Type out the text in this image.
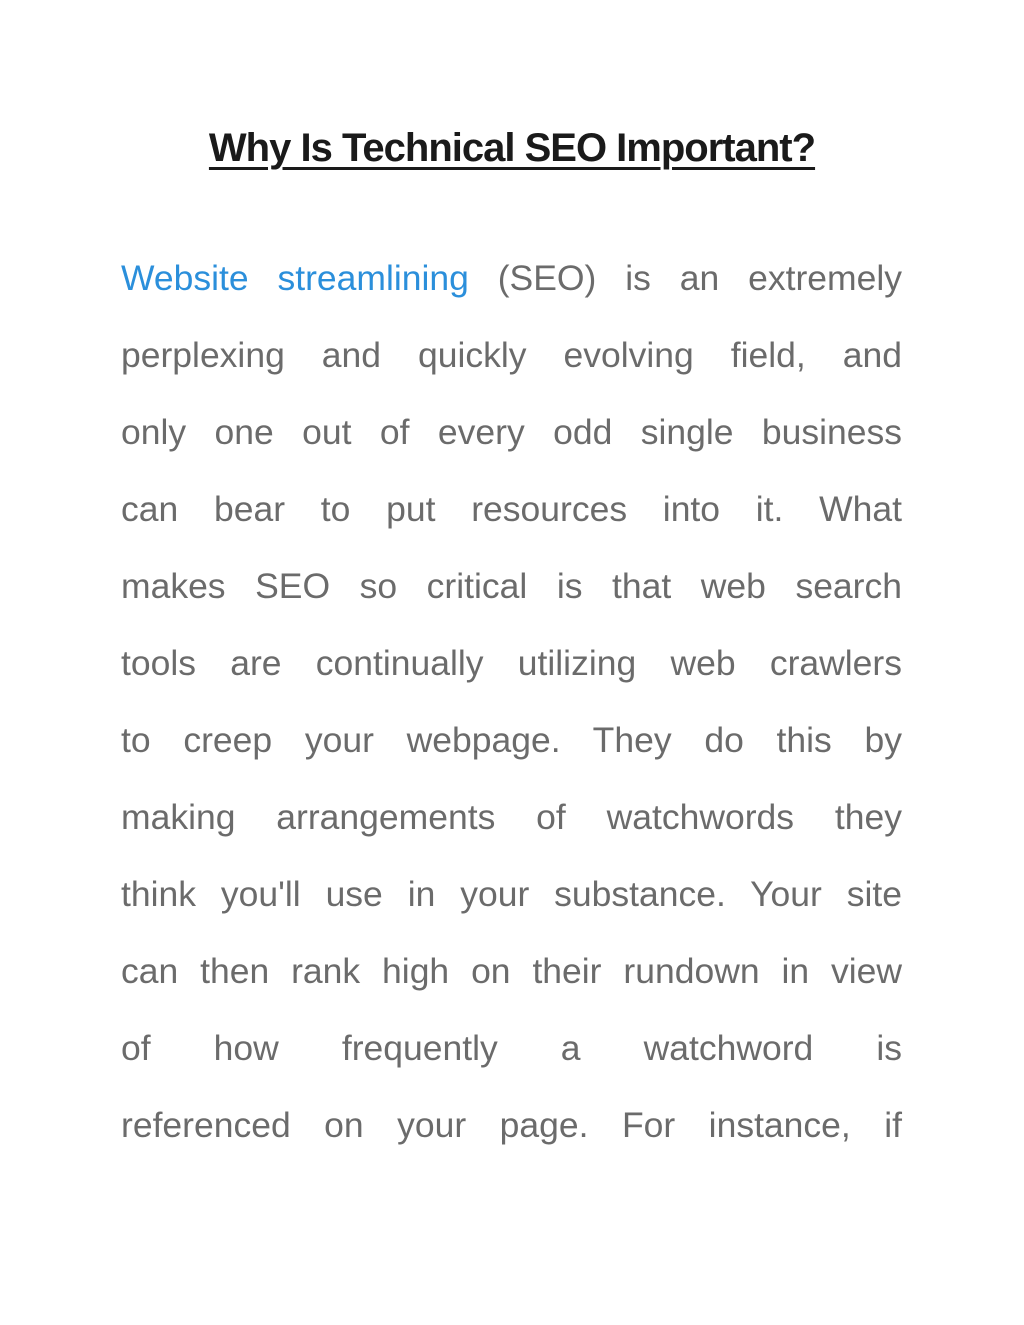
Why Is Technical SEO Important?
Website streamlining (SEO) is an extremely
perplexing and quickly evolving field, and
only one out of every odd single business
can bear to put resources into it. What
makes SEO so critical is that web search
tools are continually utilizing web crawlers
to creep your webpage. They do this by
making arrangements of watchwords they
think you'll use in your substance. Your site
can then rank high on their rundown in view
of how frequently a watchword is
referenced on your page. For instance, if
